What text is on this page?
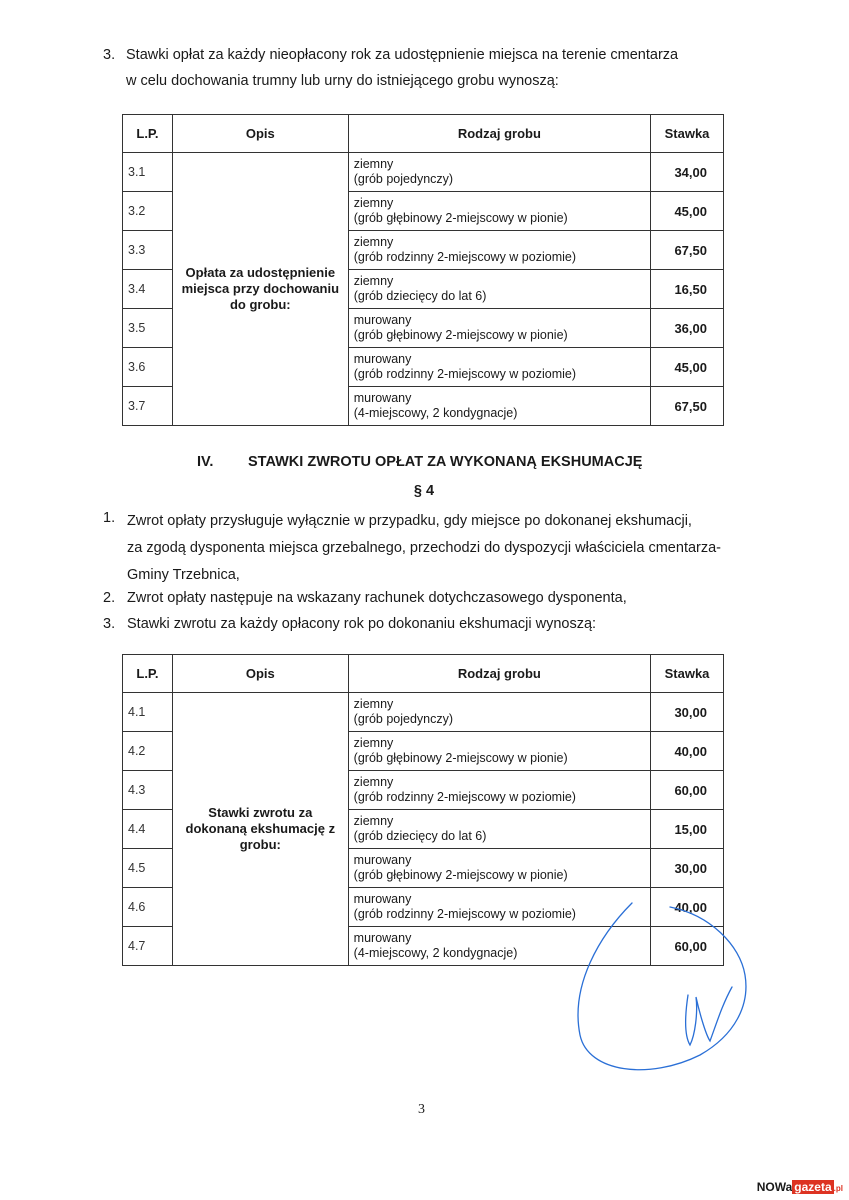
3. Stawki opłat za każdy nieopłacony rok za udostępnienie miejsca na terenie cmentarza
w celu dochowania trumny lub urny do istniejącego grobu wynoszą:
L.P.	Opis	Rodzaj grobu	Stawka
3.1	Opłata za udostępnienie miejsca przy dochowaniu do grobu:	ziemny
(grób pojedynczy)	34,00
3.2		ziemny
(grób głębinowy 2-miejscowy w pionie)	45,00
3.3		ziemny
(grób rodzinny 2-miejscowy w poziomie)	67,50
3.4		ziemny
(grób dziecięcy do lat 6)	16,50
3.5		murowany
(grób głębinowy 2-miejscowy w pionie)	36,00
3.6		murowany
(grób rodzinny 2-miejscowy w poziomie)	45,00
3.7		murowany
(4-miejscowy, 2 kondygnacje)	67,50
IV. STAWKI ZWROTU OPŁAT ZA WYKONANĄ EKSHUMACJĘ
§ 4
1. Zwrot opłaty przysługuje wyłącznie w przypadku, gdy miejsce po dokonanej ekshumacji,
za zgodą dysponenta miejsca grzebalnego, przechodzi do dyspozycji właściciela cmentarza-
Gminy Trzebnica,
2. Zwrot opłaty następuje na wskazany rachunek dotychczasowego dysponenta,
3. Stawki zwrotu za każdy opłacony rok po dokonaniu ekshumacji wynoszą:
L.P.	Opis	Rodzaj grobu	Stawka
4.1	Stawki zwrotu za dokonaną ekshumację z grobu:	ziemny
(grób pojedynczy)	30,00
4.2		ziemny
(grób głębinowy 2-miejscowy w pionie)	40,00
4.3		ziemny
(grób rodzinny 2-miejscowy w poziomie)	60,00
4.4		ziemny
(grób dziecięcy do lat 6)	15,00
4.5		murowany
(grób głębinowy 2-miejscowy w pionie)	30,00
4.6		murowany
(grób rodzinny 2-miejscowy w poziomie)	40,00
4.7		murowany
(4-miejscowy, 2 kondygnacje)	60,00
3
NOWa gazeta .pl
